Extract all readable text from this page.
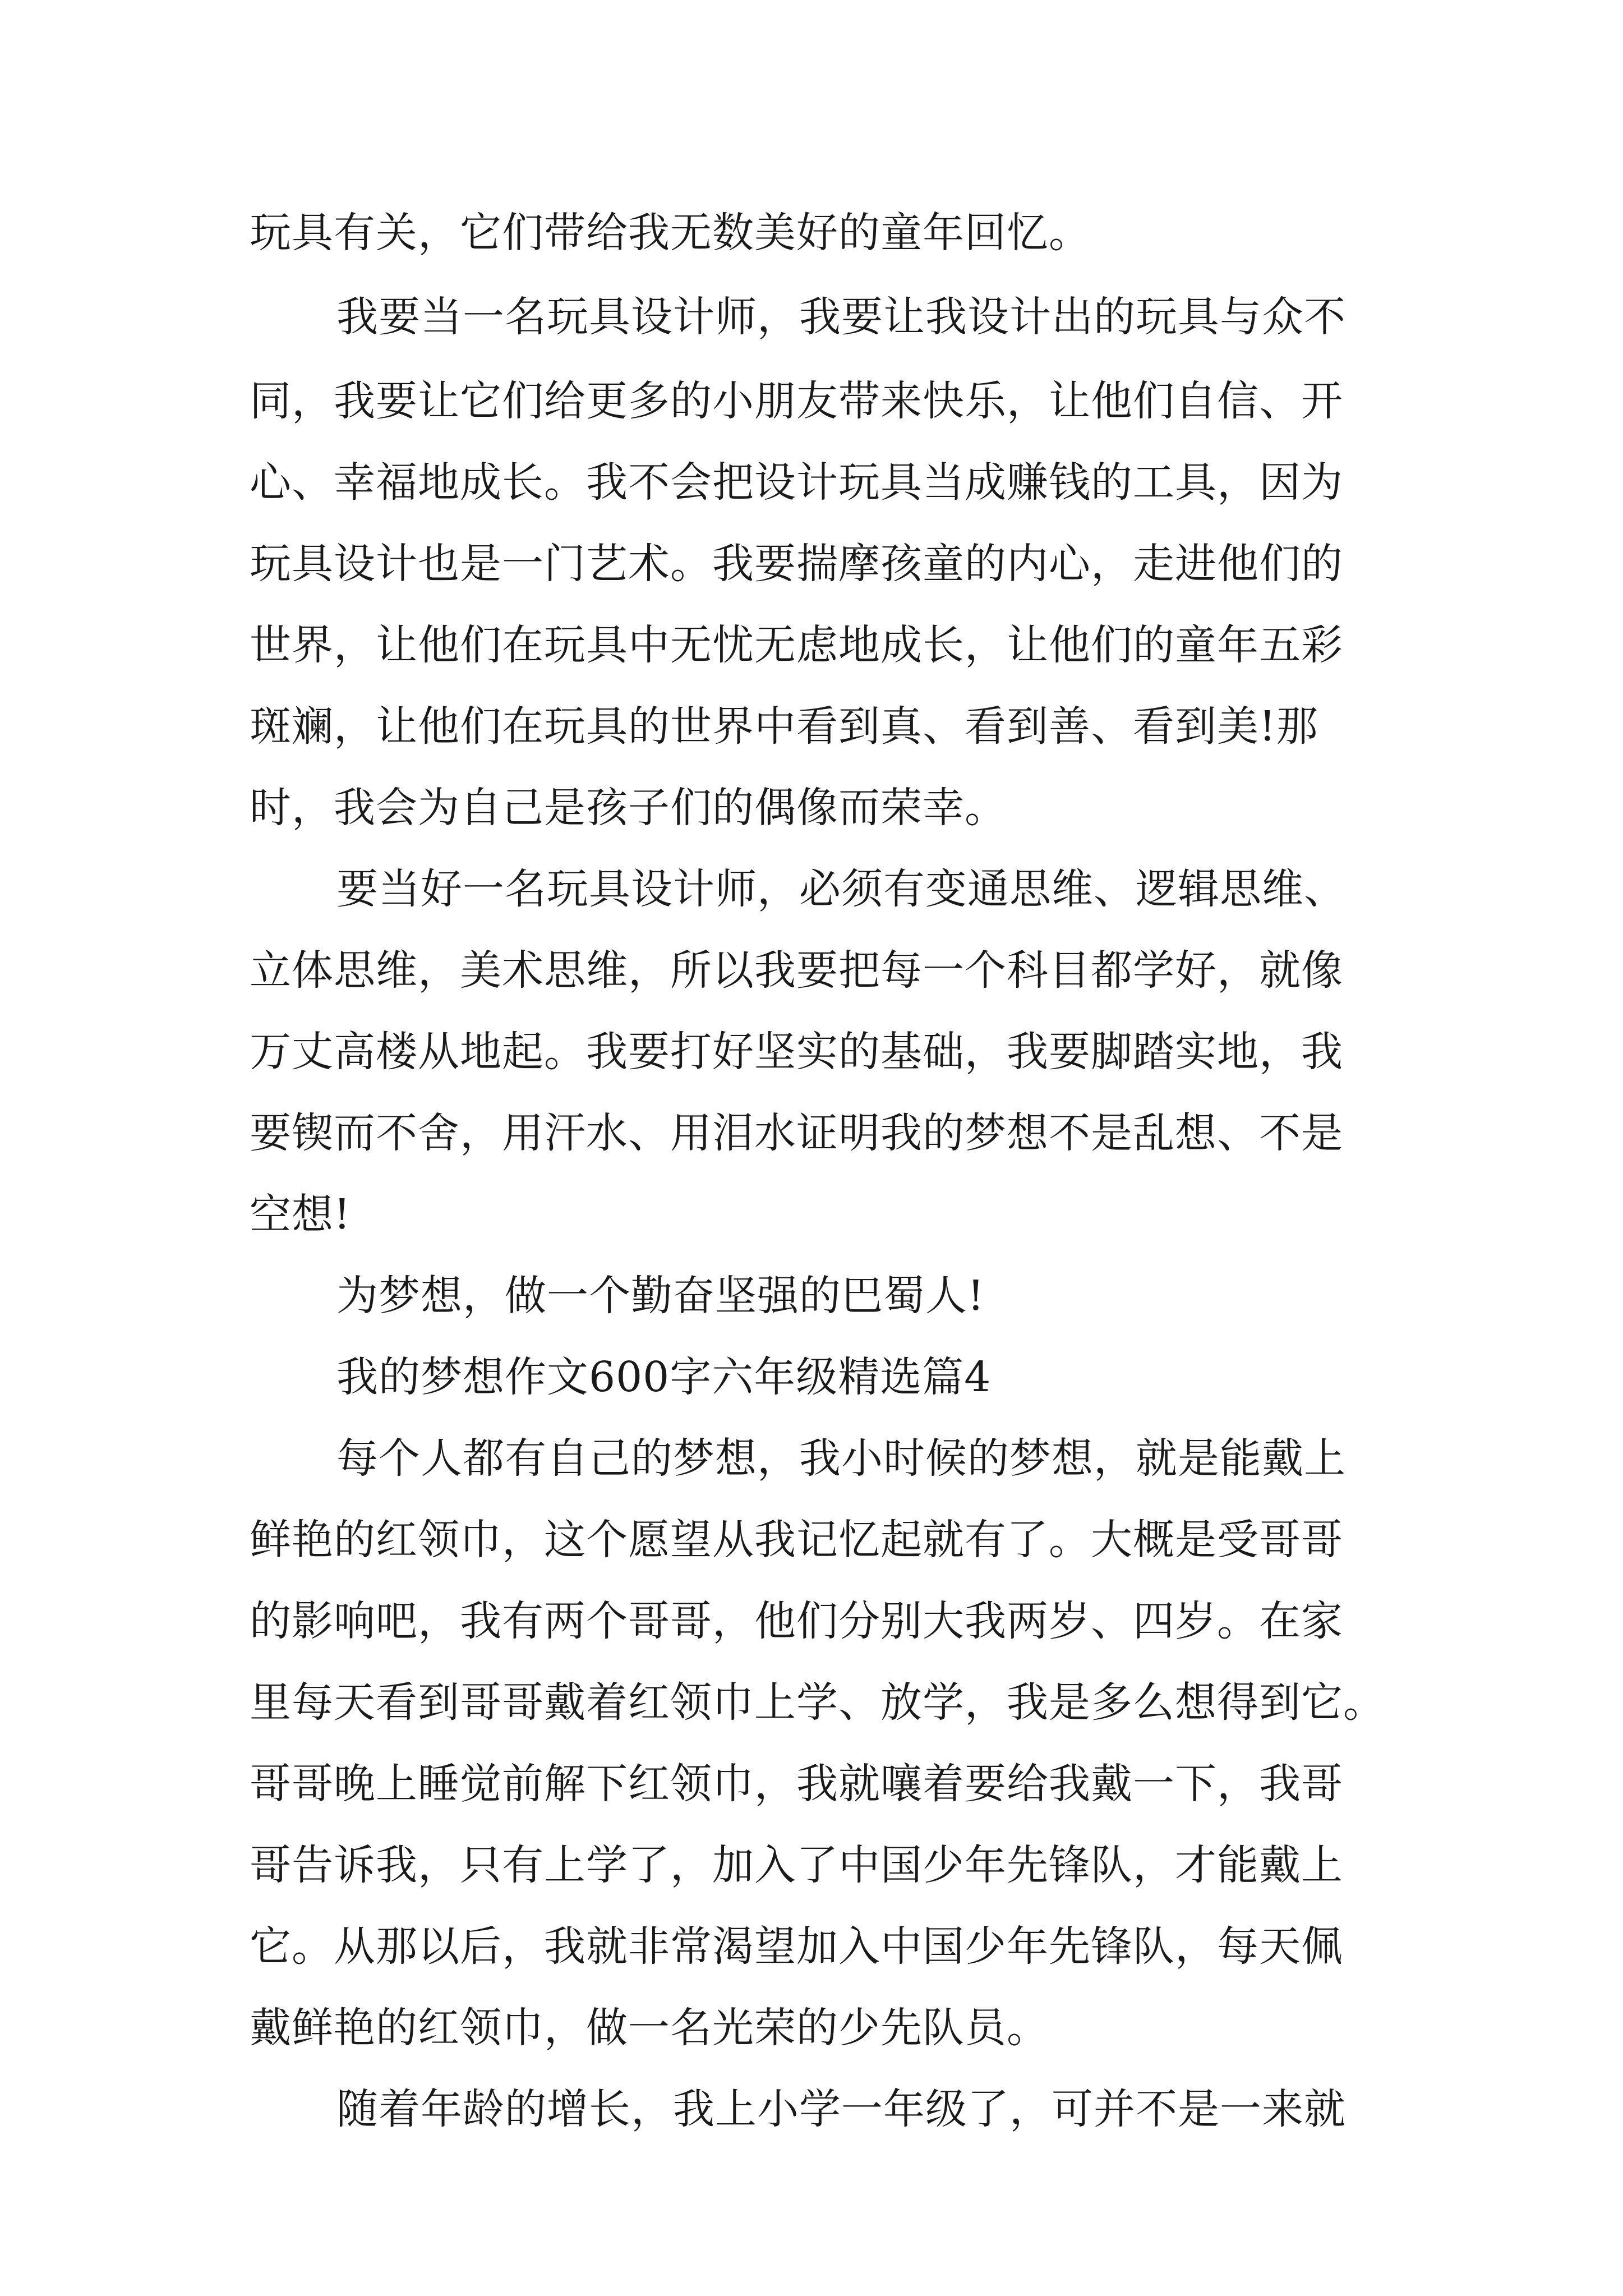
玩具有关，它们带给我无数美好的童年回忆。
我要当一名玩具设计师，我要让我设计出的玩具与众不
同，我要让它们给更多的小朋友带来快乐，让他们自信、开
心、幸福地成长。我不会把设计玩具当成赚钱的工具，因为
玩具设计也是一门艺术。我要揣摩孩童的内心，走进他们的
世界，让他们在玩具中无忧无虑地成长，让他们的童年五彩
斑斓，让他们在玩具的世界中看到真、看到善、看到美!那
时，我会为自己是孩子们的偶像而荣幸。
要当好一名玩具设计师，必须有变通思维、逻辑思维、
立体思维，美术思维，所以我要把每一个科目都学好，就像
万丈高楼从地起。我要打好坚实的基础，我要脚踏实地，我
要锲而不舍，用汗水、用泪水证明我的梦想不是乱想、不是
空想!
为梦想，做一个勤奋坚强的巴蜀人!
我的梦想作文600字六年级精选篇4
每个人都有自己的梦想，我小时候的梦想，就是能戴上
鲜艳的红领巾，这个愿望从我记忆起就有了。大概是受哥哥
的影响吧，我有两个哥哥，他们分别大我两岁、四岁。在家
里每天看到哥哥戴着红领巾上学、放学，我是多么想得到它。
哥哥晚上睡觉前解下红领巾，我就嚷着要给我戴一下，我哥
哥告诉我，只有上学了，加入了中国少年先锋队，才能戴上
它。从那以后，我就非常渴望加入中国少年先锋队，每天佩
戴鲜艳的红领巾，做一名光荣的少先队员。
随着年龄的增长，我上小学一年级了，可并不是一来就
